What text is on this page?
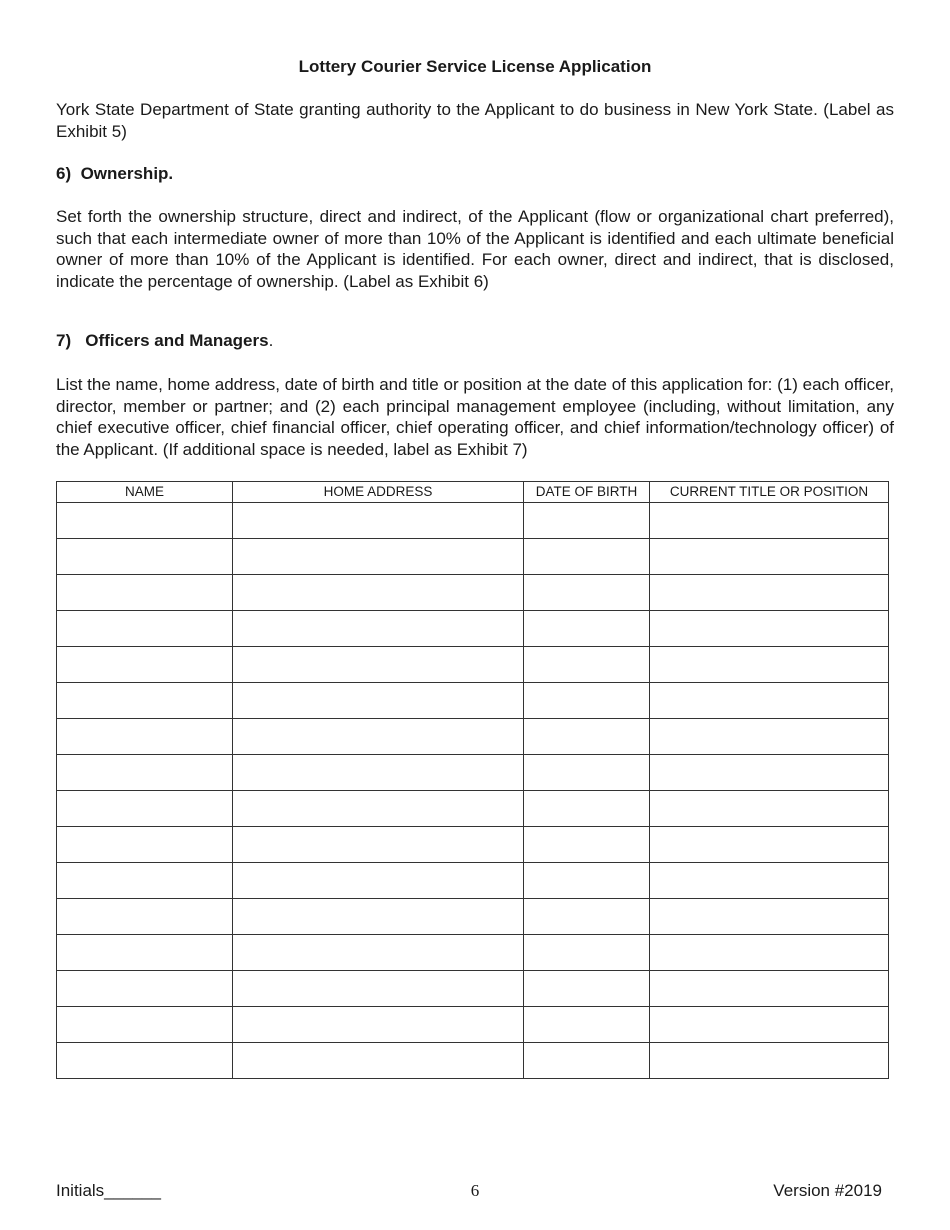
Lottery Courier Service License Application
York State Department of State granting authority to the Applicant to do business in New York State. (Label as Exhibit 5)
6) Ownership.
Set forth the ownership structure, direct and indirect, of the Applicant (flow or organizational chart preferred), such that each intermediate owner of more than 10% of the Applicant is identified and each ultimate beneficial owner of more than 10% of the Applicant is identified. For each owner, direct and indirect, that is disclosed, indicate the percentage of ownership. (Label as Exhibit 6)
7) Officers and Managers.
List the name, home address, date of birth and title or position at the date of this application for: (1) each officer, director, member or partner; and (2) each principal management employee (including, without limitation, any chief executive officer, chief financial officer, chief operating officer, and chief information/technology officer) of the Applicant. (If additional space is needed, label as Exhibit 7)
NAME	HOME ADDRESS	DATE OF BIRTH	CURRENT TITLE OR POSITION

Initials______	6	Version #2019
